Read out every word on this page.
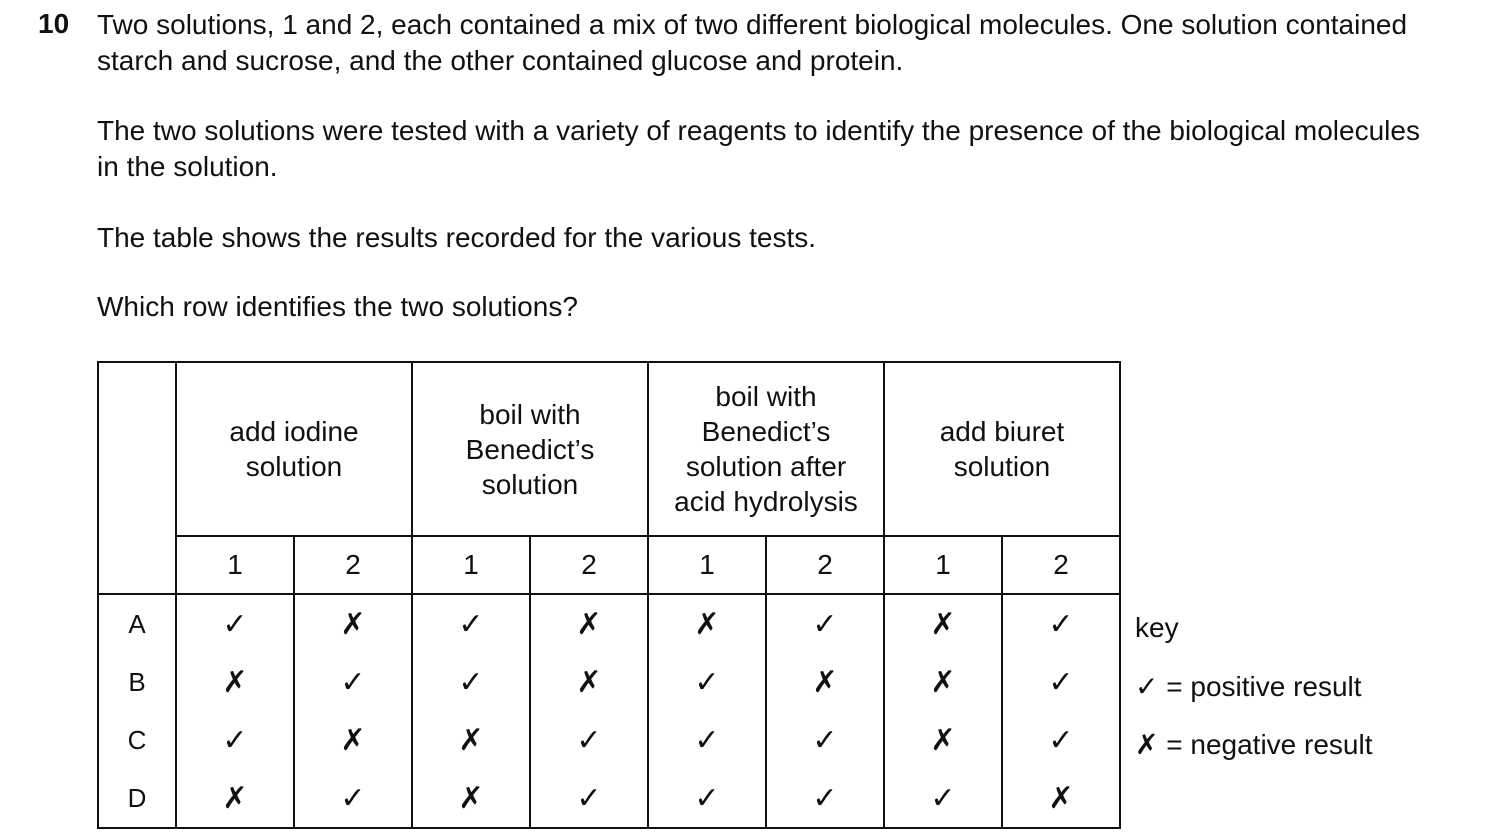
10 Two solutions, 1 and 2, each contained a mix of two different biological molecules. One solution contained starch and sucrose, and the other contained glucose and protein.
The two solutions were tested with a variety of reagents to identify the presence of the biological molecules in the solution.
The table shows the results recorded for the various tests.
Which row identifies the two solutions?
	add iodine solution		boil with Benedict’s solution		boil with Benedict’s solution after acid hydrolysis		add biuret solution	
	1	2	1	2	1	2	1	2
A	✓	✗	✓	✗	✗	✓	✗	✓
B	✗	✓	✓	✗	✓	✗	✗	✓
C	✓	✗	✗	✓	✓	✓	✗	✓
D	✗	✓	✗	✓	✓	✓	✓	✗
key
✓ = positive result
✗ = negative result
